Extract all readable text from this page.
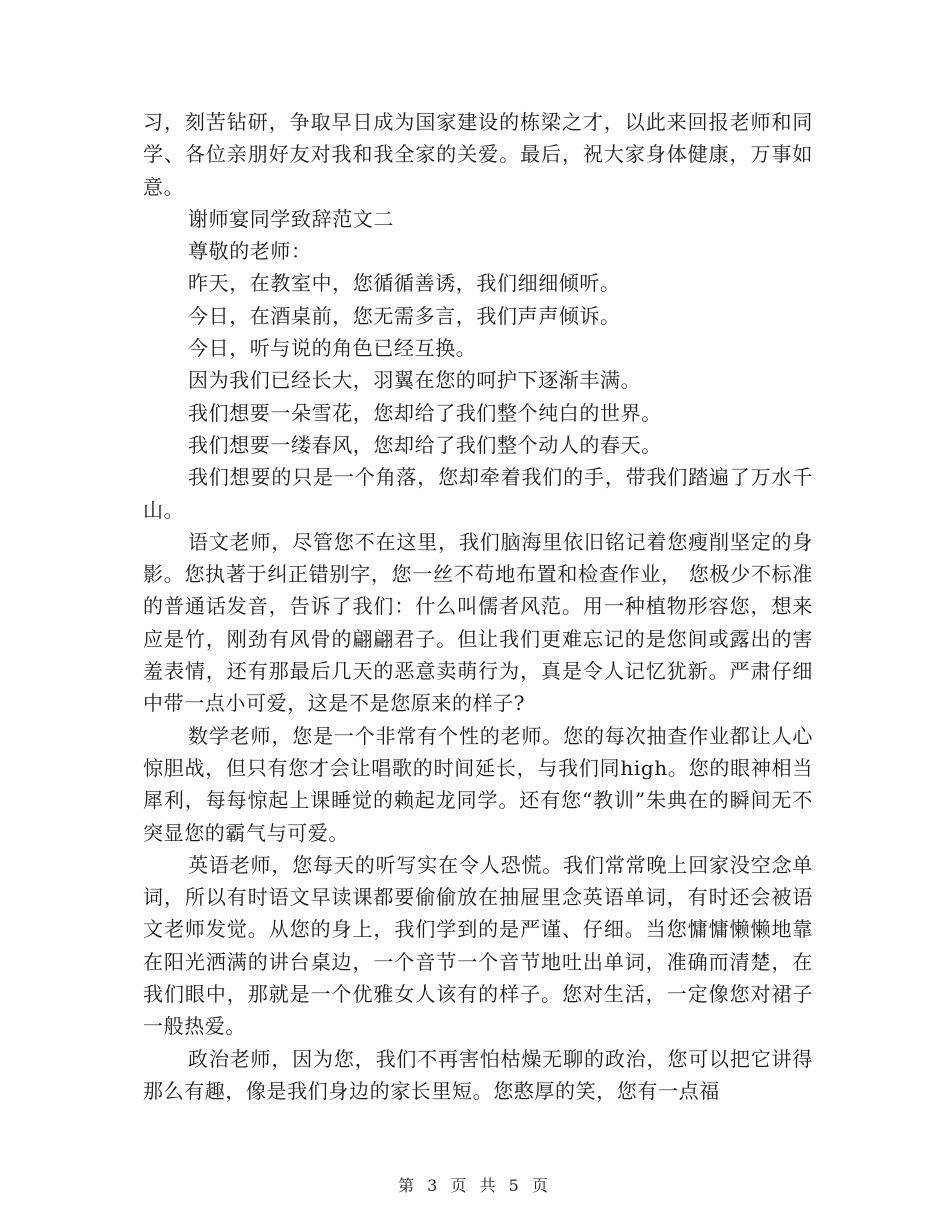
习，刻苦钻研，争取早日成为国家建设的栋梁之才，以此来回报老师和同学、各位亲朋好友对我和我全家的关爱。最后，祝大家身体健康，万事如意。

谢师宴同学致辞范文二

尊敬的老师：

昨天，在教室中，您循循善诱，我们细细倾听。

今日，在酒桌前，您无需多言，我们声声倾诉。

今日，听与说的角色已经互换。

因为我们已经长大，羽翼在您的呵护下逐渐丰满。

我们想要一朵雪花，您却给了我们整个纯白的世界。

我们想要一缕春风，您却给了我们整个动人的春天。

我们想要的只是一个角落，您却牵着我们的手，带我们踏遍了万水千山。

语文老师，尽管您不在这里，我们脑海里依旧铭记着您瘦削坚定的身影。您执著于纠正错别字，您一丝不苟地布置和检查作业， 您极少不标准的普通话发音，告诉了我们：什么叫儒者风范。用一种植物形容您，想来应是竹，刚劲有风骨的翩翩君子。但让我们更难忘记的是您间或露出的害羞表情，还有那最后几天的恶意卖萌行为，真是令人记忆犹新。严肃仔细中带一点小可爱，这是不是您原来的样子?

数学老师，您是一个非常有个性的老师。您的每次抽查作业都让人心惊胆战，但只有您才会让唱歌的时间延长，与我们同high。您的眼神相当犀利，每每惊起上课睡觉的赖起龙同学。还有您“教训”朱典在的瞬间无不突显您的霸气与可爱。

英语老师，您每天的听写实在令人恐慌。我们常常晚上回家没空念单词，所以有时语文早读课都要偷偷放在抽屉里念英语单词，有时还会被语文老师发觉。从您的身上，我们学到的是严谨、仔细。当您慵慵懒懒地靠在阳光洒满的讲台桌边，一个音节一个音节地吐出单词，准确而清楚，在我们眼中，那就是一个优雅女人该有的样子。您对生活，一定像您对裙子一般热爱。

政治老师，因为您，我们不再害怕枯燥无聊的政治，您可以把它讲得那么有趣，像是我们身边的家长里短。您憨厚的笑，您有一点福

第 3 页 共 5 页
